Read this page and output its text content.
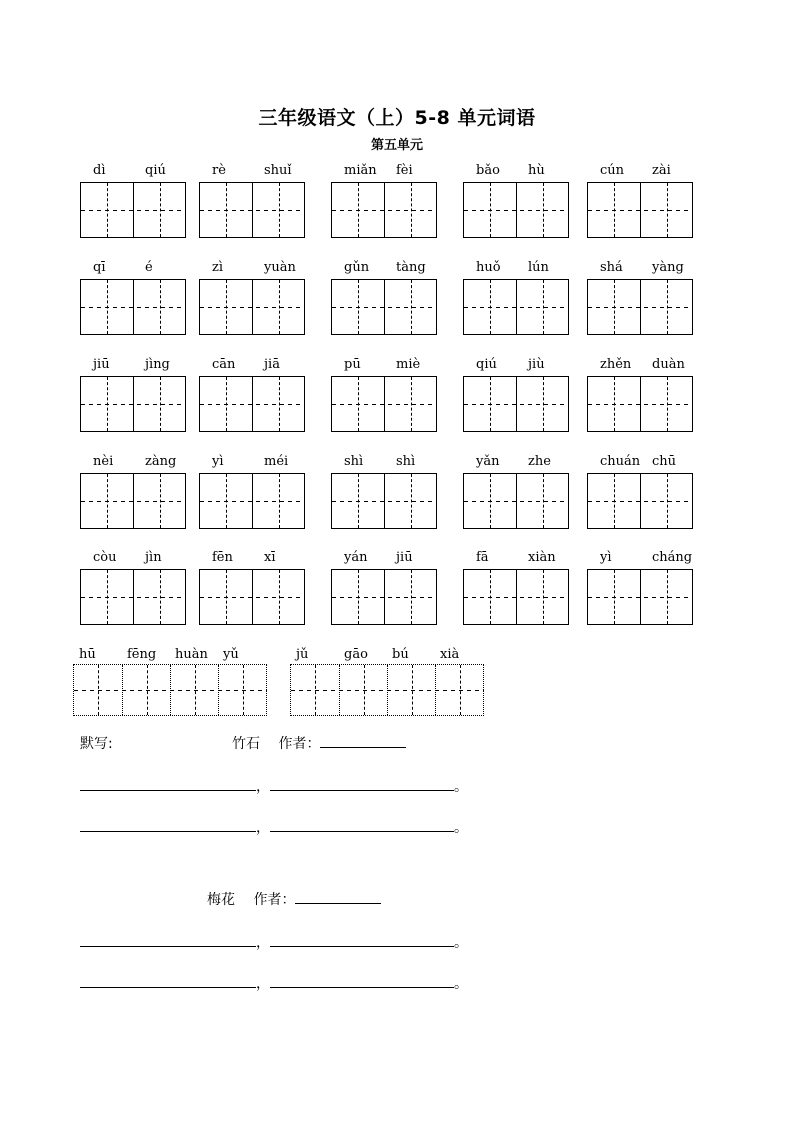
三年级语文（上）5-8 单元词语
第五单元
dì	qiú	rè	shuǐ	miǎn fèi	bǎo hù	cún zài
qī	é	zì	yuàn	gǔn tàng	huǒ lún	shá yàng
jiū	jìng	cān jiā	pū	miè	qiú jiù	zhěn duàn
nèi zàng	yì	méi	shì	shì	yǎn zhe	chuán chū
còu jìn	fēn xī	yán jiū	fā	xiàn	yì	cháng
hū fēng huàn yǔ	jǔ	gāo bú xià
默写:	竹石 作者：
，	。
，	。
梅花 作者：
，	。
，	。
